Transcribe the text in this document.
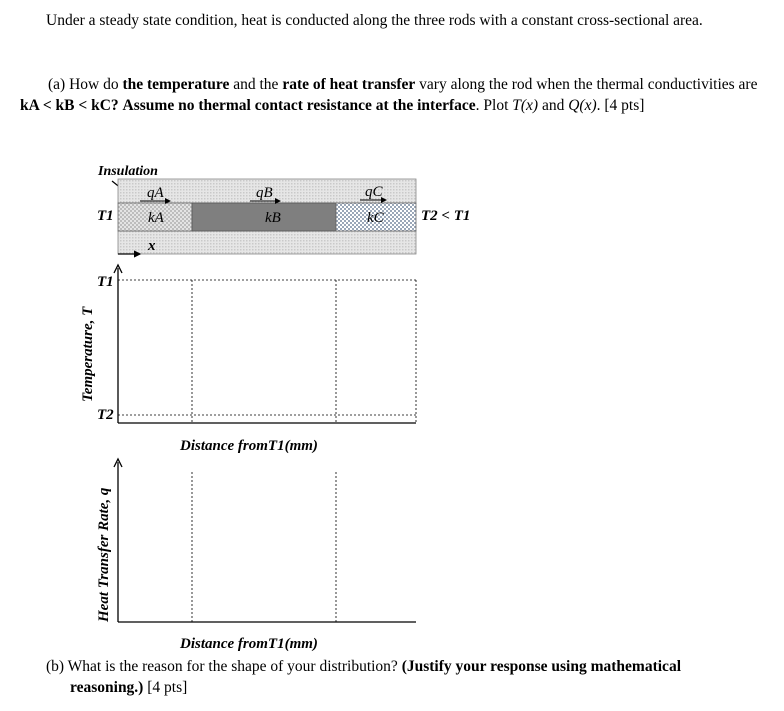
Under a steady state condition, heat is conducted along the three rods with a constant cross-sectional area.
(a) How do the temperature and the rate of heat transfer vary along the rod when the thermal conductivities are kA < kB < kC? Assume no thermal contact resistance at the interface. Plot T(x) and Q(x). [4 pts]
Insulation
qA	qB	qC
kA	kB	kC
T1	T2 < T1
x
T1
T2
Temperature, T
Distance fromT1(mm)
Heat Transfer Rate, q
Distance fromT1(mm)
(b) What is the reason for the shape of your distribution? (Justify your response using mathematical
reasoning.) [4 pts]
